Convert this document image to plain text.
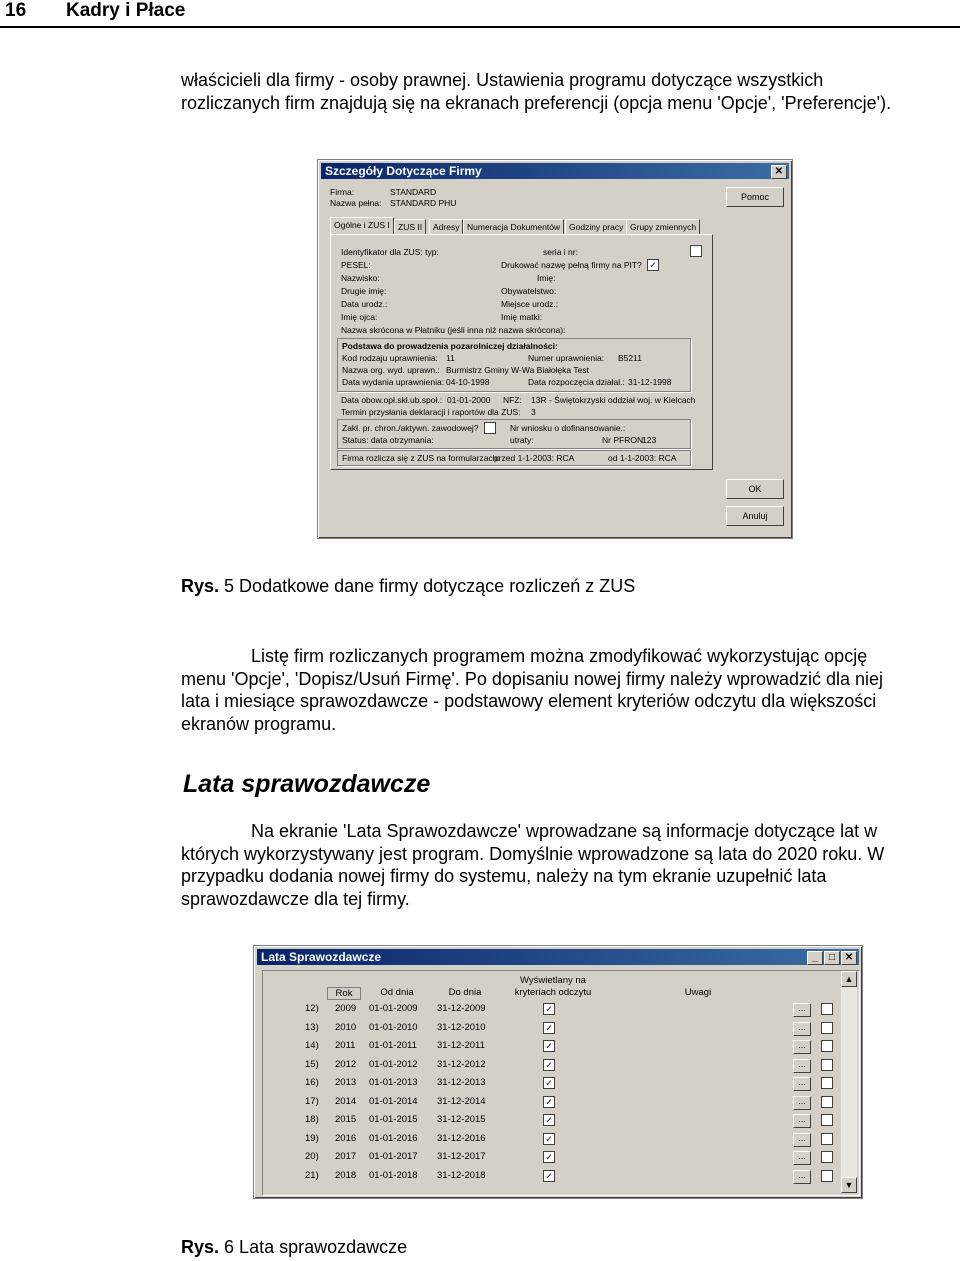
16 Kadry i Płace

właścicieli dla firmy - osoby prawnej. Ustawienia programu dotyczące wszystkich

rozliczanych firm znajdują się na ekranach preferencji (opcja menu 'Opcje', 'Preferencje').

Szczegóły Dotyczące Firmy	✕
Firma:	STANDARD
Nazwa pełna: STANDARD PHU
Pomoc
Ogólne i ZUS I ZUS II	Adresy Numeracja Dokumentów	Godziny pracy Grupy zmiennych
Identyfikator dla ZUS: typ:	seria i nr:
PESEL:	Drukować nazwę pełną firmy na PIT? ✓
Nazwisko:	Imię:
Drugie imię:	Obywatelstwo:
Data urodz.:	Miejsce urodz.:
Imię ojca:	Imię matki:
Nazwa skrócona w Płatniku (jeśli inna niż nazwa skrócona):
Podstawa do prowadzenia pozarolniczej działalności:
Kod rodzaju uprawnienia: 11	Numer uprawnienia: B5211
Nazwa org. wyd. uprawn.: Burmistrz Gminy W-Wa Białołęka Test
Data wydania uprawnienia: 04-10-1998	Data rozpoczęcia działal.: 31-12-1998
Data obow.opł.skł.ub.społ.: 01-01-2000 NFZ: 13R - Świętokrzyski oddział woj. w Kielcach
Termin przysłania deklaracji i raportów dla ZUS: 3
Zakł. pr. chron./aktywn. zawodowej?	Nr wniosku o dofinansowanie.:
Status: data otrzymania:	utraty:	Nr PFRON:
123
Firma rozlicza się z ZUS na formularzach:
przed 1-1-2003: RCA	od 1-1-2003: RCA
OK
Anuluj
Rys. 5 Dodatkowe dane firmy dotyczące rozliczeń z ZUS

Listę firm rozliczanych programem można zmodyfikować wykorzystując opcję

menu 'Opcje', 'Dopisz/Usuń Firmę'. Po dopisaniu nowej firmy należy wprowadzić dla niej

lata i miesiące sprawozdawcze - podstawowy element kryteriów odczytu dla większości

ekranów programu.

Lata sprawozdawcze

Na ekranie 'Lata Sprawozdawcze' wprowadzane są informacje dotyczące lat w

których wykorzystywany jest program. Domyślnie wprowadzone są lata do 2020 roku. W

przypadku dodania nowej firmy do systemu, należy na tym ekranie uzupełnić lata

sprawozdawcze dla tej firmy.

Lata Sprawozdawcze	_	□ ✕
Rok	Od dnia	Do dnia
Wyświetlany na
kryteriach odczytu	Uwagi
12) 2009 01-01-2009 31-12-2009	✓	...
13) 2010 01-01-2010 31-12-2010	✓	...
14) 2011 01-01-2011 31-12-2011	✓	...
15) 2012 01-01-2012 31-12-2012	✓	...
16) 2013 01-01-2013 31-12-2013	✓	...
17) 2014 01-01-2014 31-12-2014	✓	...
18) 2015 01-01-2015 31-12-2015	✓	...
19) 2016 01-01-2016 31-12-2016	✓	...
20) 2017 01-01-2017 31-12-2017	✓	...
21) 2018 01-01-2018 31-12-2018	✓	...
▲
▼
Rys. 6 Lata sprawozdawcze
